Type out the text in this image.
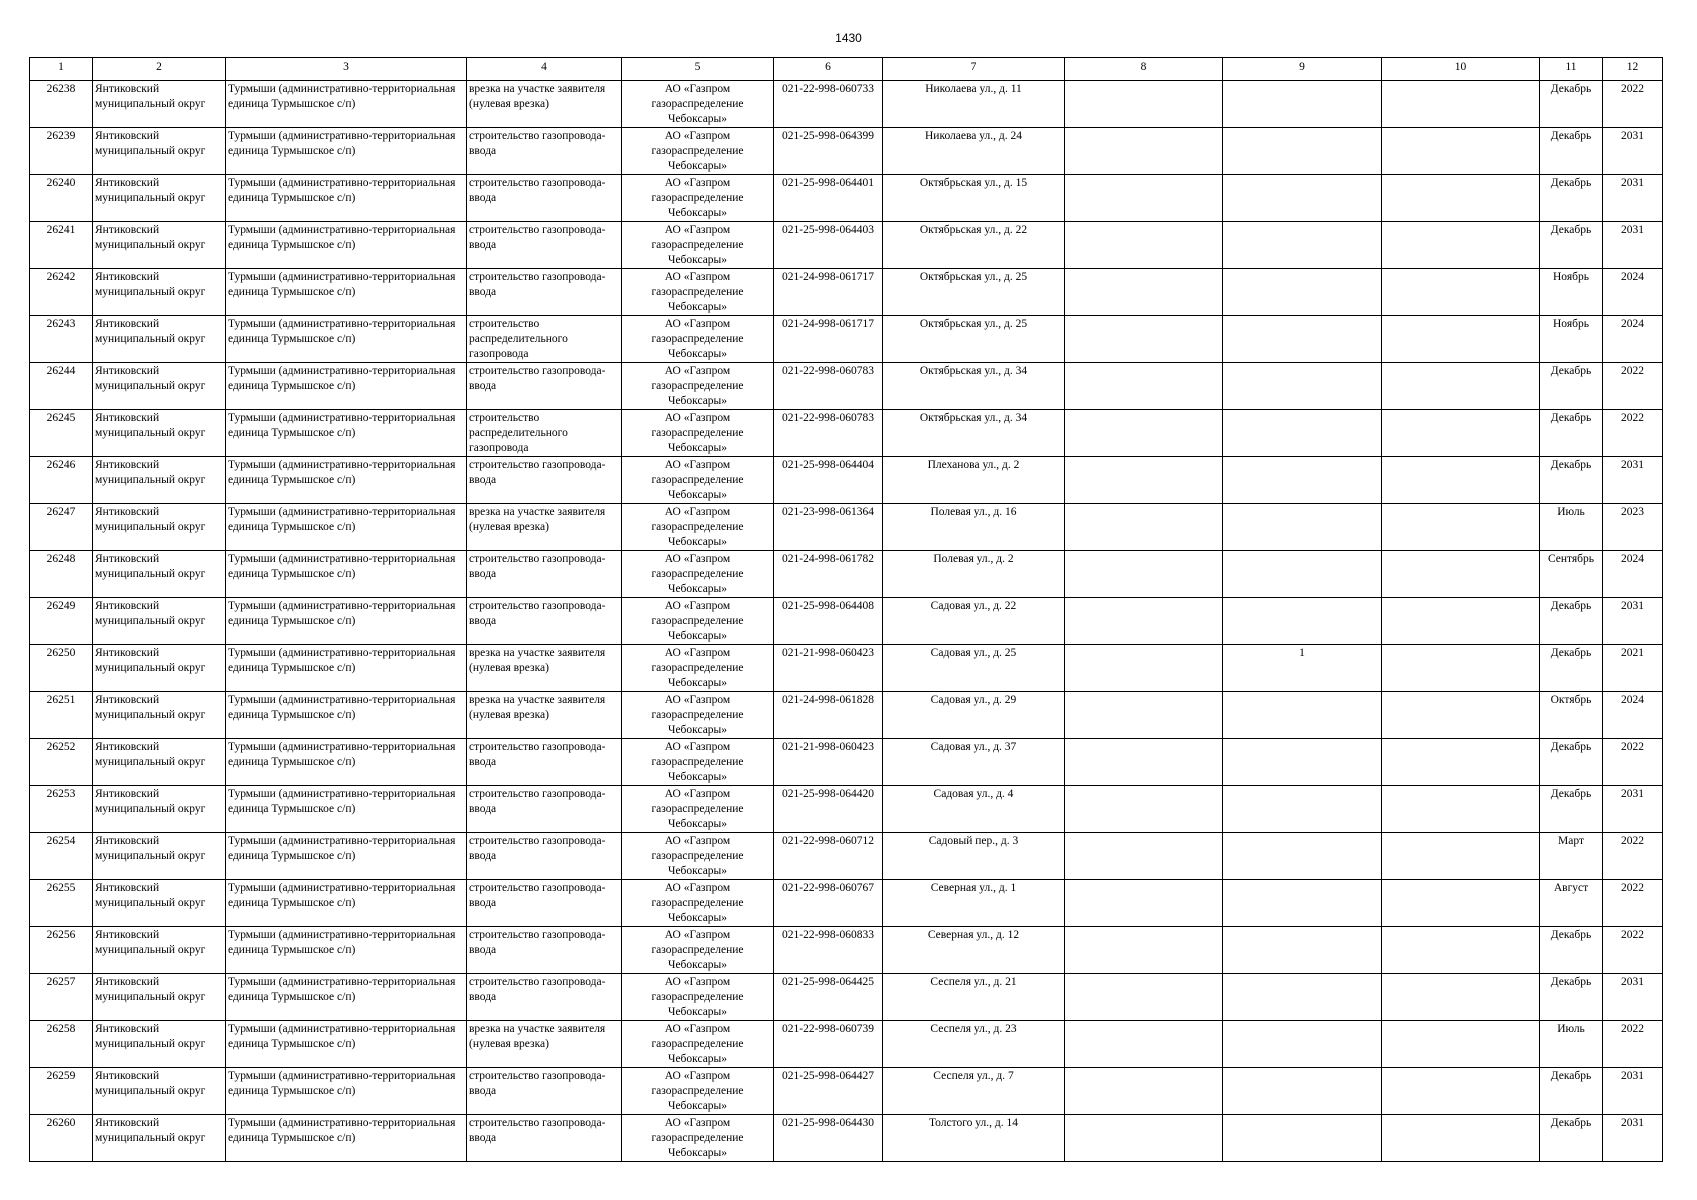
1430
1	2	3	4	5	6	7	8	9	10	11	12
26238	Янтиковский муниципальный округ	Турмыши (административно-территориальная единица Турмышское с/п)	врезка на участке заявителя (нулевая врезка)	АО «Газпром газораспределение Чебоксары»	021-22-998-060733	Николаева ул., д. 11				Декабрь	2022
26239	Янтиковский муниципальный округ	Турмыши (административно-территориальная единица Турмышское с/п)	строительство газопровода-ввода	АО «Газпром газораспределение Чебоксары»	021-25-998-064399	Николаева ул., д. 24				Декабрь	2031
26240	Янтиковский муниципальный округ	Турмыши (административно-территориальная единица Турмышское с/п)	строительство газопровода-ввода	АО «Газпром газораспределение Чебоксары»	021-25-998-064401	Октябрьская ул., д. 15				Декабрь	2031
26241	Янтиковский муниципальный округ	Турмыши (административно-территориальная единица Турмышское с/п)	строительство газопровода-ввода	АО «Газпром газораспределение Чебоксары»	021-25-998-064403	Октябрьская ул., д. 22				Декабрь	2031
26242	Янтиковский муниципальный округ	Турмыши (административно-территориальная единица Турмышское с/п)	строительство газопровода-ввода	АО «Газпром газораспределение Чебоксары»	021-24-998-061717	Октябрьская ул., д. 25				Ноябрь	2024
26243	Янтиковский муниципальный округ	Турмыши (административно-территориальная единица Турмышское с/п)	строительство распределительного газопровода	АО «Газпром газораспределение Чебоксары»	021-24-998-061717	Октябрьская ул., д. 25				Ноябрь	2024
26244	Янтиковский муниципальный округ	Турмыши (административно-территориальная единица Турмышское с/п)	строительство газопровода-ввода	АО «Газпром газораспределение Чебоксары»	021-22-998-060783	Октябрьская ул., д. 34				Декабрь	2022
26245	Янтиковский муниципальный округ	Турмыши (административно-территориальная единица Турмышское с/п)	строительство распределительного газопровода	АО «Газпром газораспределение Чебоксары»	021-22-998-060783	Октябрьская ул., д. 34				Декабрь	2022
26246	Янтиковский муниципальный округ	Турмыши (административно-территориальная единица Турмышское с/п)	строительство газопровода-ввода	АО «Газпром газораспределение Чебоксары»	021-25-998-064404	Плеханова ул., д. 2				Декабрь	2031
26247	Янтиковский муниципальный округ	Турмыши (административно-территориальная единица Турмышское с/п)	врезка на участке заявителя (нулевая врезка)	АО «Газпром газораспределение Чебоксары»	021-23-998-061364	Полевая ул., д. 16				Июль	2023
26248	Янтиковский муниципальный округ	Турмыши (административно-территориальная единица Турмышское с/п)	строительство газопровода-ввода	АО «Газпром газораспределение Чебоксары»	021-24-998-061782	Полевая ул., д. 2				Сентябрь	2024
26249	Янтиковский муниципальный округ	Турмыши (административно-территориальная единица Турмышское с/п)	строительство газопровода-ввода	АО «Газпром газораспределение Чебоксары»	021-25-998-064408	Садовая ул., д. 22				Декабрь	2031
26250	Янтиковский муниципальный округ	Турмыши (административно-территориальная единица Турмышское с/п)	врезка на участке заявителя (нулевая врезка)	АО «Газпром газораспределение Чебоксары»	021-21-998-060423	Садовая ул., д. 25		1		Декабрь	2021
26251	Янтиковский муниципальный округ	Турмыши (административно-территориальная единица Турмышское с/п)	врезка на участке заявителя (нулевая врезка)	АО «Газпром газораспределение Чебоксары»	021-24-998-061828	Садовая ул., д. 29				Октябрь	2024
26252	Янтиковский муниципальный округ	Турмыши (административно-территориальная единица Турмышское с/п)	строительство газопровода-ввода	АО «Газпром газораспределение Чебоксары»	021-21-998-060423	Садовая ул., д. 37				Декабрь	2022
26253	Янтиковский муниципальный округ	Турмыши (административно-территориальная единица Турмышское с/п)	строительство газопровода-ввода	АО «Газпром газораспределение Чебоксары»	021-25-998-064420	Садовая ул., д. 4				Декабрь	2031
26254	Янтиковский муниципальный округ	Турмыши (административно-территориальная единица Турмышское с/п)	строительство газопровода-ввода	АО «Газпром газораспределение Чебоксары»	021-22-998-060712	Садовый пер., д. 3				Март	2022
26255	Янтиковский муниципальный округ	Турмыши (административно-территориальная единица Турмышское с/п)	строительство газопровода-ввода	АО «Газпром газораспределение Чебоксары»	021-22-998-060767	Северная ул., д. 1				Август	2022
26256	Янтиковский муниципальный округ	Турмыши (административно-территориальная единица Турмышское с/п)	строительство газопровода-ввода	АО «Газпром газораспределение Чебоксары»	021-22-998-060833	Северная ул., д. 12				Декабрь	2022
26257	Янтиковский муниципальный округ	Турмыши (административно-территориальная единица Турмышское с/п)	строительство газопровода-ввода	АО «Газпром газораспределение Чебоксары»	021-25-998-064425	Сеспеля ул., д. 21				Декабрь	2031
26258	Янтиковский муниципальный округ	Турмыши (административно-территориальная единица Турмышское с/п)	врезка на участке заявителя (нулевая врезка)	АО «Газпром газораспределение Чебоксары»	021-22-998-060739	Сеспеля ул., д. 23				Июль	2022
26259	Янтиковский муниципальный округ	Турмыши (административно-территориальная единица Турмышское с/п)	строительство газопровода-ввода	АО «Газпром газораспределение Чебоксары»	021-25-998-064427	Сеспеля ул., д. 7				Декабрь	2031
26260	Янтиковский муниципальный округ	Турмыши (административно-территориальная единица Турмышское с/п)	строительство газопровода-ввода	АО «Газпром газораспределение Чебоксары»	021-25-998-064430	Толстого ул., д. 14				Декабрь	2031
